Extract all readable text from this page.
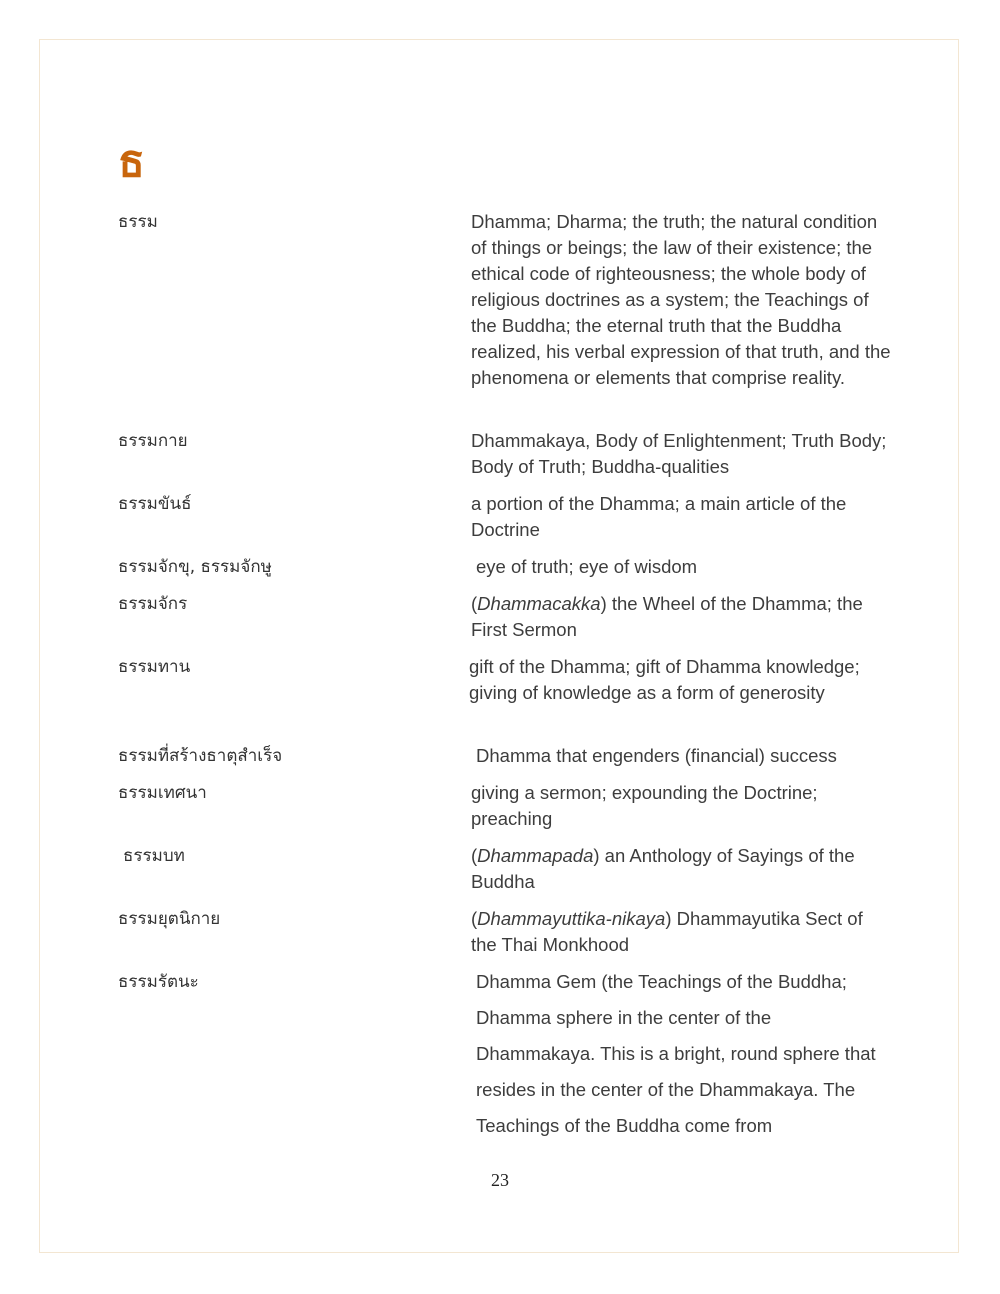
ธ
ธรรม	Dhamma; Dharma; the truth; the natural condition of things or beings; the law of their existence; the ethical code of righteousness; the whole body of religious doctrines as a system; the Teachings of the Buddha; the eternal truth that the Buddha realized, his verbal expression of that truth, and the phenomena or elements that comprise reality.
ธรรมกาย	Dhammakaya, Body of Enlightenment; Truth Body; Body of Truth; Buddha-qualities
ธรรมขันธ์	a portion of the Dhamma; a main article of the Doctrine
ธรรมจักขุ, ธรรมจักษู	eye of truth; eye of wisdom
ธรรมจักร	(Dhammacakka) the Wheel of the Dhamma; the First Sermon
ธรรมทาน	gift of the Dhamma; gift of Dhamma knowledge; giving of knowledge as a form of generosity
ธรรมที่สร้างธาตุสำเร็จ	Dhamma that engenders (financial) success
ธรรมเทศนา	giving a sermon; expounding the Doctrine; preaching
ธรรมบท	(Dhammapada) an Anthology of Sayings of the Buddha
ธรรมยุตนิกาย	(Dhammayuttika-nikaya) Dhammayutika Sect of the Thai Monkhood
ธรรมรัตนะ	Dhamma Gem (the Teachings of the Buddha; Dhamma sphere in the center of the Dhammakaya. This is a bright, round sphere that resides in the center of the Dhammakaya. The Teachings of the Buddha come from
23
